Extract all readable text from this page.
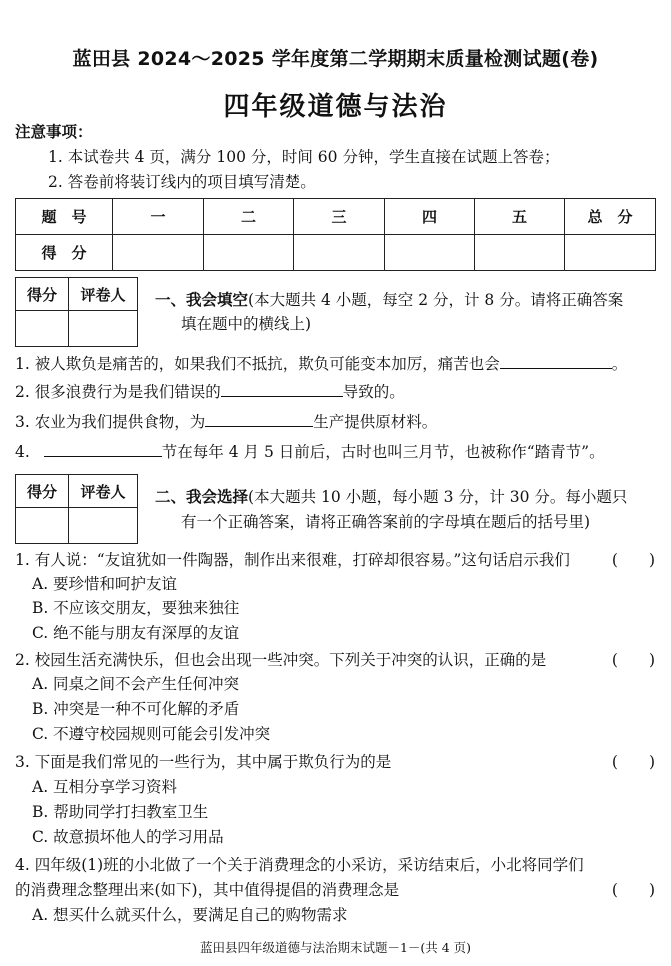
蓝田县 2024～2025 学年度第二学期期末质量检测试题(卷)
四年级道德与法治
注意事项：
1. 本试卷共 4 页，满分 100 分，时间 60 分钟，学生直接在试题上答卷；
2. 答卷前将装订线内的项目填写清楚。
题　号	一	二	三	四	五	总　分
得　分						
得分	评卷人
	一、我会填空(本大题共 4 小题，每空 2 分，计 8 分。请将正确答案
填在题中的横线上)
1. 被人欺负是痛苦的，如果我们不抵抗，欺负可能变本加厉，痛苦也会	。
2. 很多浪费行为是我们错误的	导致的。
3. 农业为我们提供食物，为	生产提供原材料。
4.	节在每年 4 月 5 日前后，古时也叫三月节，也被称作“踏青节”。
得分	评卷人
	二、我会选择(本大题共 10 小题，每小题 3 分，计 30 分。每小题只
有一个正确答案，请将正确答案前的字母填在题后的括号里)
1. 有人说：“友谊犹如一件陶器，制作出来很难，打碎却很容易。”这句话启示我们	(　　)
A. 要珍惜和呵护友谊
B. 不应该交朋友，要独来独往
C. 绝不能与朋友有深厚的友谊
2. 校园生活充满快乐，但也会出现一些冲突。下列关于冲突的认识，正确的是	(　　)
A. 同桌之间不会产生任何冲突
B. 冲突是一种不可化解的矛盾
C. 不遵守校园规则可能会引发冲突
3. 下面是我们常见的一些行为，其中属于欺负行为的是	(　　)
A. 互相分享学习资料
B. 帮助同学打扫教室卫生
C. 故意损坏他人的学习用品
4. 四年级(1)班的小北做了一个关于消费理念的小采访，采访结束后，小北将同学们
的消费理念整理出来(如下)，其中值得提倡的消费理念是	(　　)
A. 想买什么就买什么，要满足自己的购物需求
蓝田县四年级道德与法治期末试题－1－(共 4 页)
